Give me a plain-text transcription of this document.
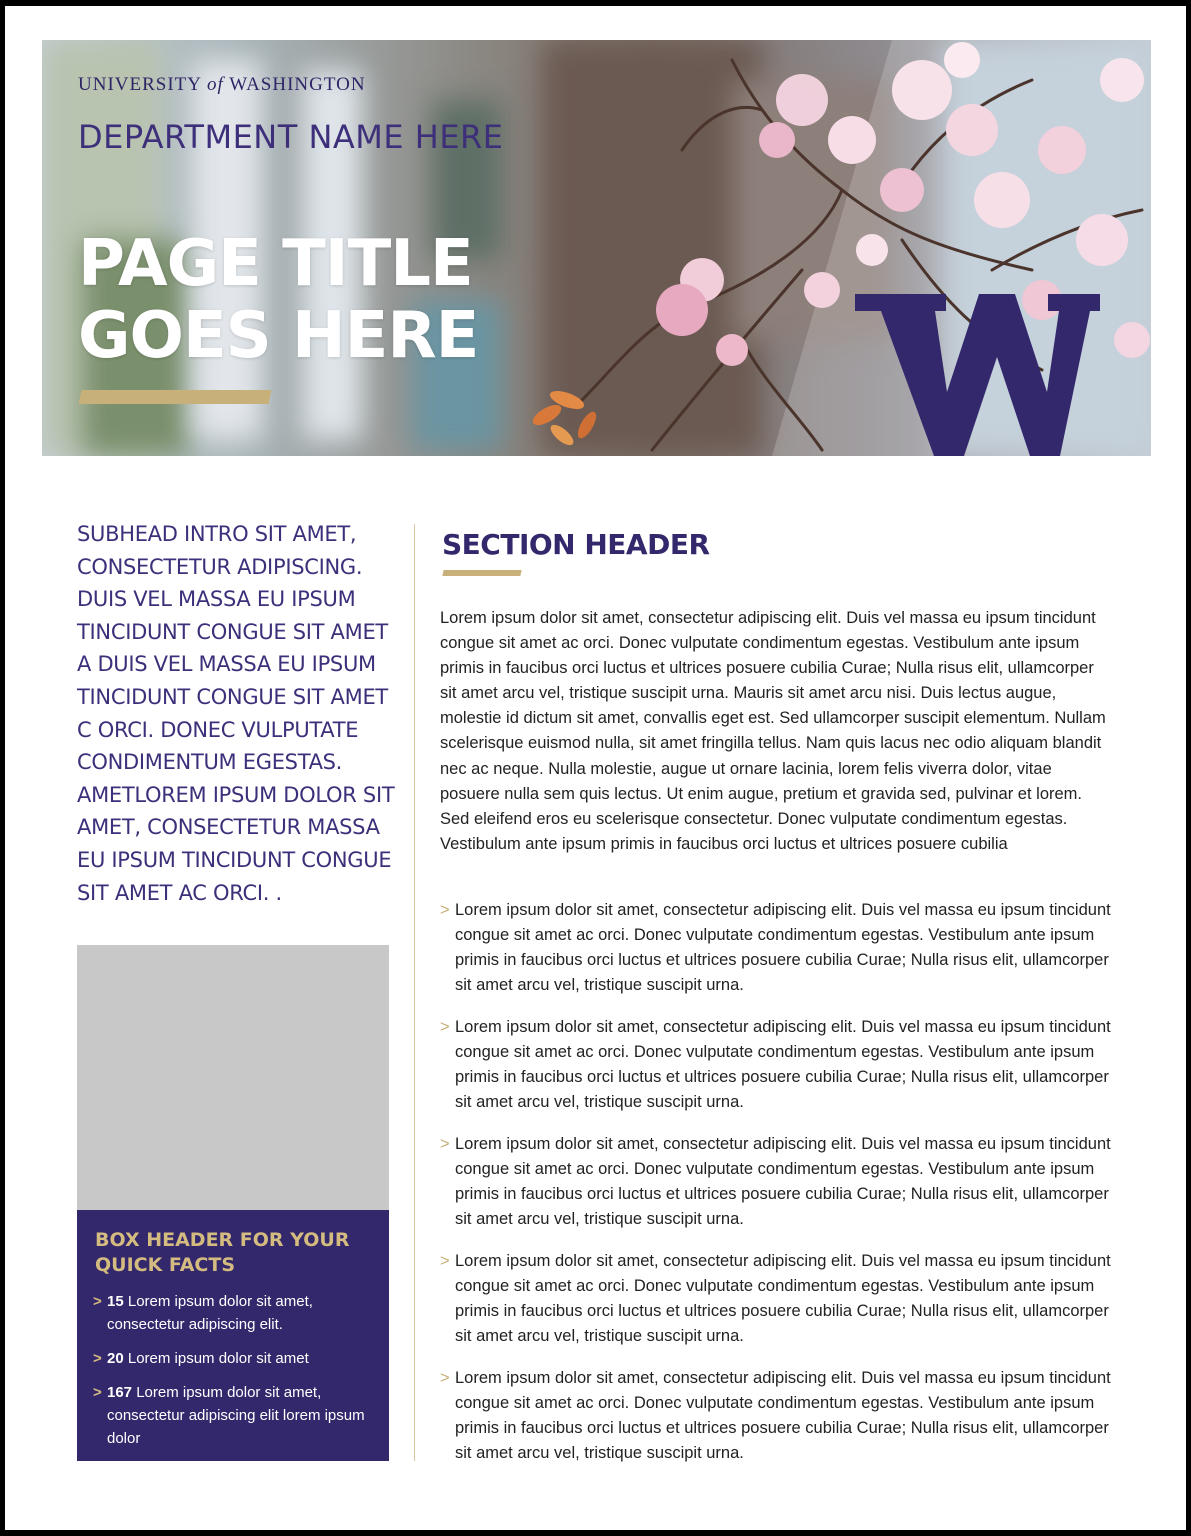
UNIVERSITY of WASHINGTON
DEPARTMENT NAME HERE
PAGE TITLE
GOES HERE
SUBHEAD INTRO SIT AMET, CONSECTETUR ADIPISCING. DUIS VEL MASSA EU IPSUM TINCIDUNT CONGUE SIT AMET A DUIS VEL MASSA EU IPSUM TINCIDUNT CONGUE SIT AMET C ORCI. DONEC VULPUTATE CONDIMENTUM EGESTAS. AMETLOREM IPSUM DOLOR SIT AMET, CONSECTETUR MASSA EU IPSUM TINCIDUNT CONGUE SIT AMET AC ORCI. .
BOX HEADER FOR YOUR QUICK FACTS
> 15 Lorem ipsum dolor sit amet, consectetur adipiscing elit.
> 20 Lorem ipsum dolor sit amet
> 167 Lorem ipsum dolor sit amet, consectetur adipiscing elit lorem ipsum dolor
SECTION HEADER
Lorem ipsum dolor sit amet, consectetur adipiscing elit. Duis vel massa eu ipsum tincidunt congue sit amet ac orci. Donec vulputate condimentum egestas. Vestibulum ante ipsum primis in faucibus orci luctus et ultrices posuere cubilia Curae; Nulla risus elit, ullamcorper sit amet arcu vel, tristique suscipit urna. Mauris sit amet arcu nisi. Duis lectus augue, molestie id dictum sit amet, convallis eget est. Sed ullamcorper suscipit elementum. Nullam scelerisque euismod nulla, sit amet fringilla tellus. Nam quis lacus nec odio aliquam blandit nec ac neque. Nulla molestie, augue ut ornare lacinia, lorem felis viverra dolor, vitae posuere nulla sem quis lectus. Ut enim augue, pretium et gravida sed, pulvinar et lorem. Sed eleifend eros eu scelerisque consectetur. Donec vulputate condimentum egestas. Vestibulum ante ipsum primis in faucibus orci luctus et ultrices posuere cubilia
> Lorem ipsum dolor sit amet, consectetur adipiscing elit. Duis vel massa eu ipsum tincidunt congue sit amet ac orci. Donec vulputate condimentum egestas. Vestibulum ante ipsum primis in faucibus orci luctus et ultrices posuere cubilia Curae; Nulla risus elit, ullamcorper sit amet arcu vel, tristique suscipit urna.
> Lorem ipsum dolor sit amet, consectetur adipiscing elit. Duis vel massa eu ipsum tincidunt congue sit amet ac orci. Donec vulputate condimentum egestas. Vestibulum ante ipsum primis in faucibus orci luctus et ultrices posuere cubilia Curae; Nulla risus elit, ullamcorper sit amet arcu vel, tristique suscipit urna.
> Lorem ipsum dolor sit amet, consectetur adipiscing elit. Duis vel massa eu ipsum tincidunt congue sit amet ac orci. Donec vulputate condimentum egestas. Vestibulum ante ipsum primis in faucibus orci luctus et ultrices posuere cubilia Curae; Nulla risus elit, ullamcorper sit amet arcu vel, tristique suscipit urna.
> Lorem ipsum dolor sit amet, consectetur adipiscing elit. Duis vel massa eu ipsum tincidunt congue sit amet ac orci. Donec vulputate condimentum egestas. Vestibulum ante ipsum primis in faucibus orci luctus et ultrices posuere cubilia Curae; Nulla risus elit, ullamcorper sit amet arcu vel, tristique suscipit urna.
> Lorem ipsum dolor sit amet, consectetur adipiscing elit. Duis vel massa eu ipsum tincidunt congue sit amet ac orci. Donec vulputate condimentum egestas. Vestibulum ante ipsum primis in faucibus orci luctus et ultrices posuere cubilia Curae; Nulla risus elit, ullamcorper sit amet arcu vel, tristique suscipit urna.
